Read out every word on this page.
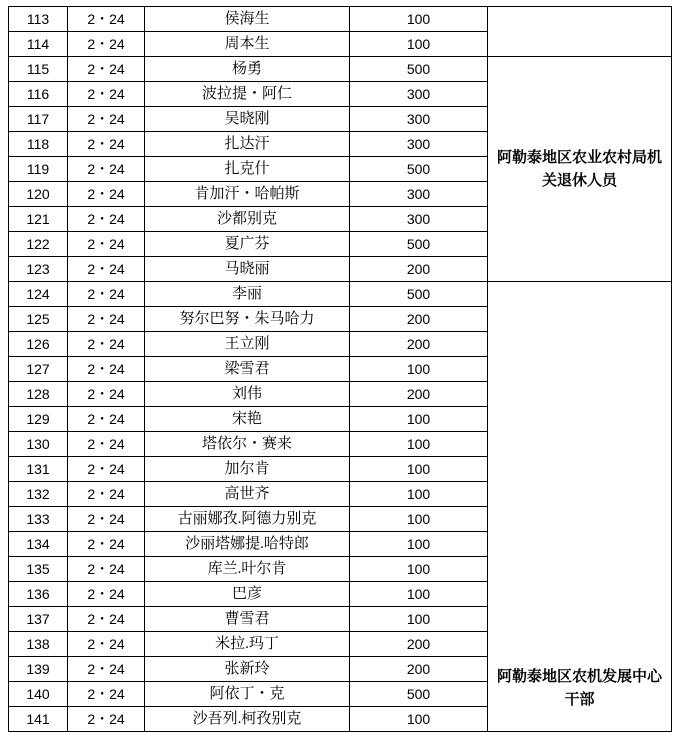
113	2・24	侯海生	100	
114	2・24	周本生	100	
115	2・24	杨勇	500	阿勒泰地区农业农村局机关退休人员
116	2・24	波拉提・阿仁	300	
117	2・24	吴晓刚	300	
118	2・24	扎达汗	300	
119	2・24	扎克什	500	
120	2・24	肯加汗・哈帕斯	300	
121	2・24	沙都别克	300	
122	2・24	夏广芬	500	
123	2・24	马晓丽	200	
124	2・24	李丽	500	阿勒泰地区农机发展中心干部
125	2・24	努尔巴努・朱马哈力	200	
126	2・24	王立刚	200	
127	2・24	梁雪君	100	
128	2・24	刘伟	200	
129	2・24	宋艳	100	
130	2・24	塔依尔・赛来	100	
131	2・24	加尔肯	100	
132	2・24	高世齐	100	
133	2・24	古丽娜孜.阿德力别克	100	
134	2・24	沙丽塔娜提.哈特郎	100	
135	2・24	库兰.叶尔肯	100	
136	2・24	巴彦	100	
137	2・24	曹雪君	100	
138	2・24	米拉.玛丁	200	
139	2・24	张新玲	200	
140	2・24	阿依丁・克	500	
141	2・24	沙吾列.柯孜别克	100	
